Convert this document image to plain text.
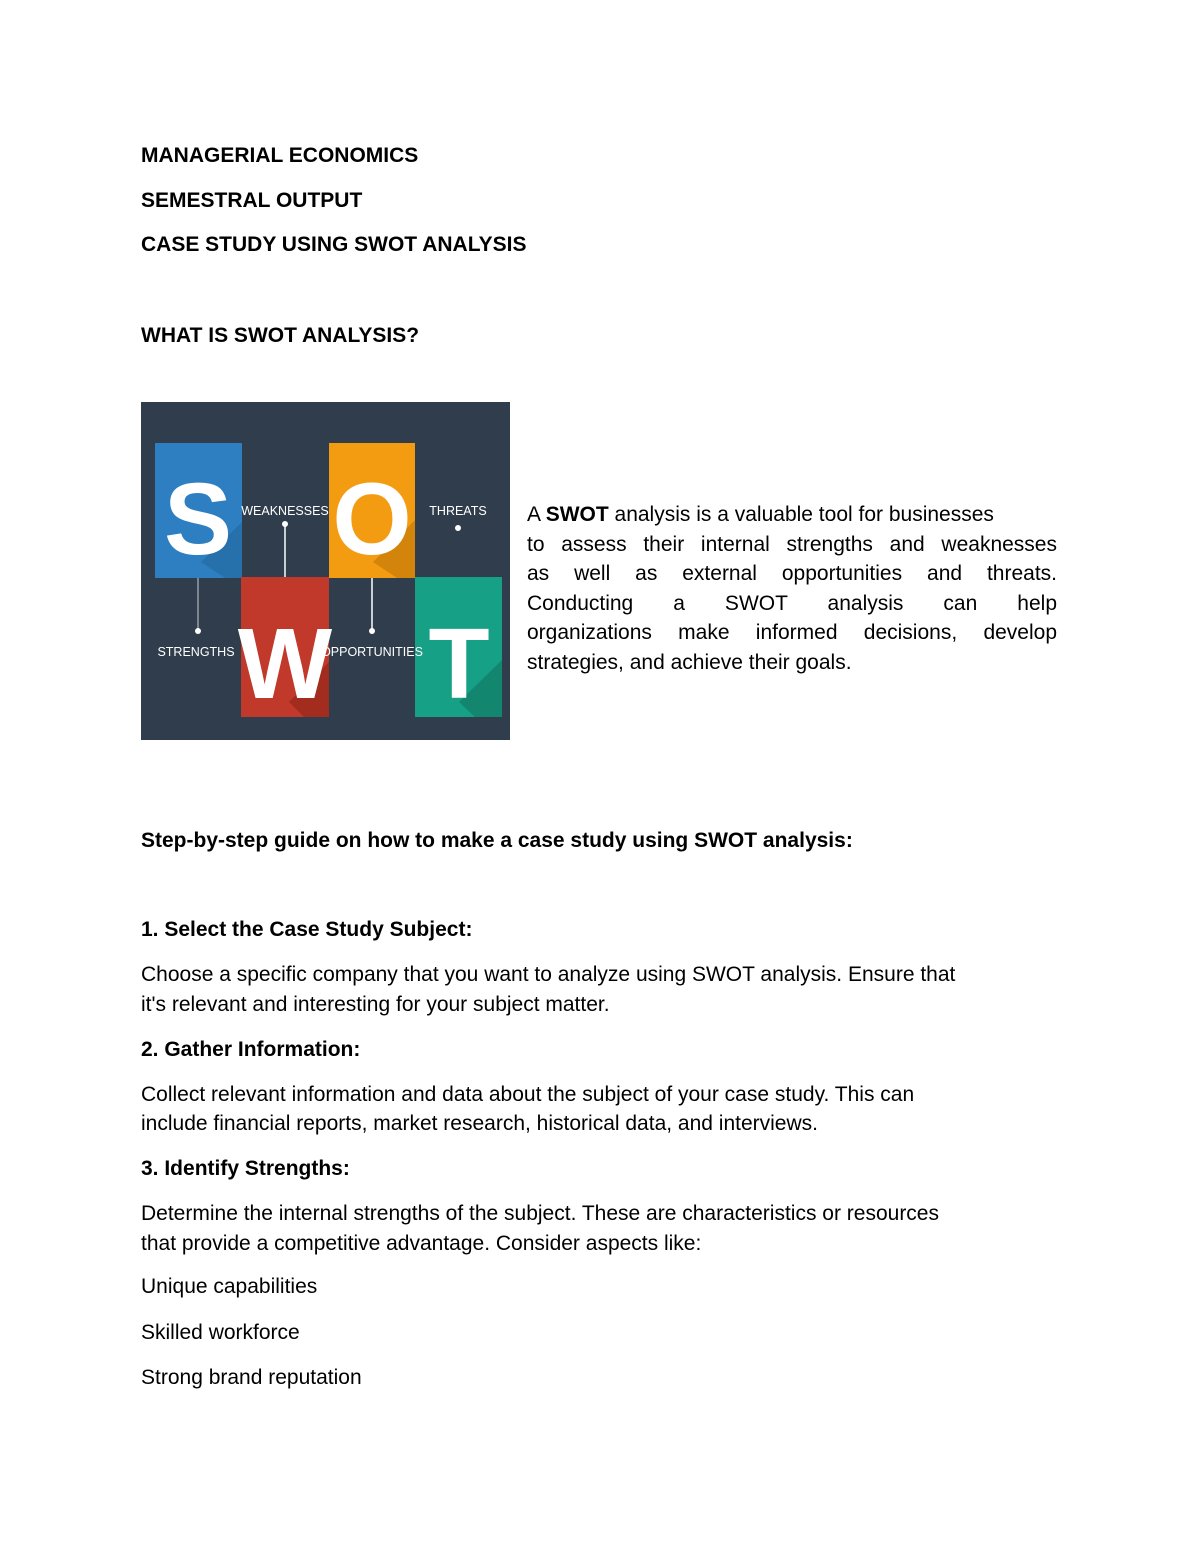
MANAGERIAL ECONOMICS
SEMESTRAL OUTPUT
CASE STUDY USING SWOT ANALYSIS
WHAT IS SWOT ANALYSIS?
S O
W T
WEAKNESSES	THREATS
STRENGTHS	OPPORTUNITIES
A SWOT analysis is a valuable tool for businesses
to assess their internal strengths and weaknesses
as well as external opportunities and threats.
Conducting a SWOT analysis can help
organizations make informed decisions, develop
strategies, and achieve their goals.
Step-by-step guide on how to make a case study using SWOT analysis:
1. Select the Case Study Subject:
Choose a specific company that you want to analyze using SWOT analysis. Ensure that
it's relevant and interesting for your subject matter.
2. Gather Information:
Collect relevant information and data about the subject of your case study. This can
include financial reports, market research, historical data, and interviews.
3. Identify Strengths:
Determine the internal strengths of the subject. These are characteristics or resources
that provide a competitive advantage. Consider aspects like:
Unique capabilities
Skilled workforce
Strong brand reputation
